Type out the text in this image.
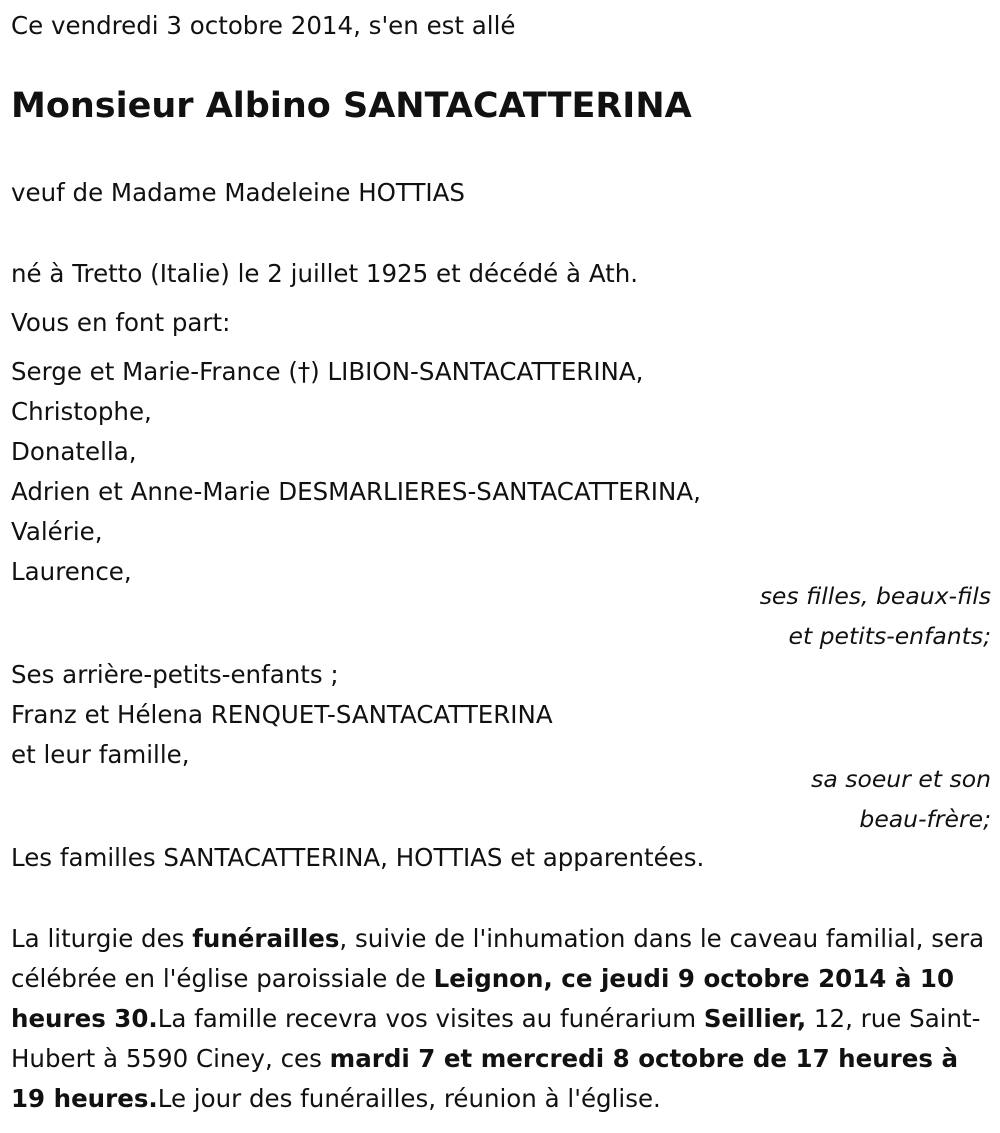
Ce vendredi 3 octobre 2014, s'en est allé
Monsieur Albino SANTACATTERINA
veuf de Madame Madeleine HOTTIAS
né à Tretto (Italie) le 2 juillet 1925 et décédé à Ath.
Vous en font part:
Serge et Marie-France (†) LIBION-SANTACATTERINA,
Christophe,
Donatella,
Adrien et Anne-Marie DESMARLIERES-SANTACATTERINA,
Valérie,
Laurence,
ses filles, beaux-fils
et petits-enfants;
Ses arrière-petits-enfants ;
Franz et Hélena RENQUET-SANTACATTERINA
et leur famille,
sa soeur et son
beau-frère;
Les familles SANTACATTERINA, HOTTIAS et apparentées.
La liturgie des funérailles, suivie de l'inhumation dans le caveau familial, sera célébrée en l'église paroissiale de Leignon, ce jeudi 9 octobre 2014 à 10 heures 30.La famille recevra vos visites au funérarium Seillier, 12, rue Saint-Hubert à 5590 Ciney, ces mardi 7 et mercredi 8 octobre de 17 heures à 19 heures.Le jour des funérailles, réunion à l'église.
